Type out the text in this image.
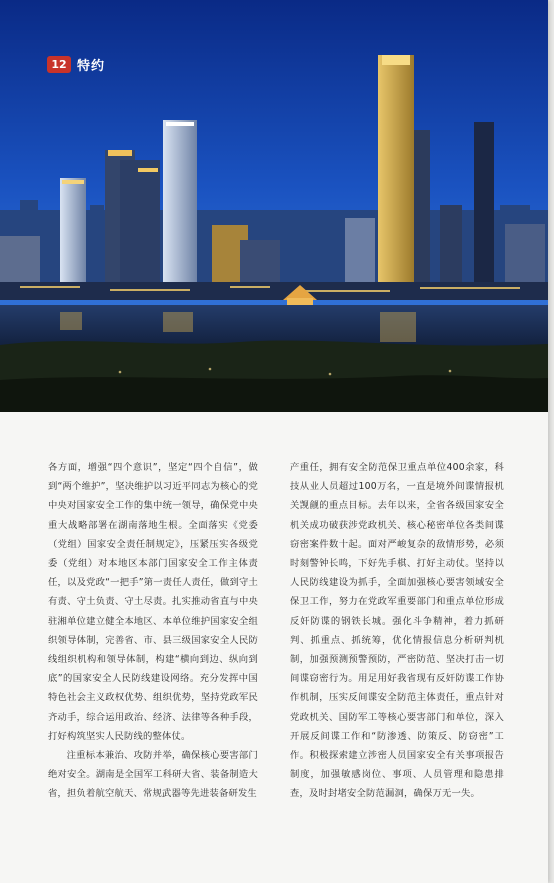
12 特约

各方面，增强“四个意识”，坚定“四个自信”，做到“两个维护”，坚决维护以习近平同志为核心的党中央对国家安全工作的集中统一领导，确保党中央重大战略部署在湖南落地生根。全面落实《党委（党组）国家安全责任制规定》，压紧压实各级党委（党组）对本地区本部门国家安全工作主体责任，以及党政“一把手”第一责任人责任，做到守土有责、守土负责、守土尽责。扎实推动省直与中央驻湘单位建立健全本地区、本单位维护国家安全组织领导体制，完善省、市、县三级国家安全人民防线组织机构和领导体制，构建“横向到边、纵向到底”的国家安全人民防线建设网络。充分发挥中国特色社会主义政权优势、组织优势，坚持党政军民齐动手，综合运用政治、经济、法律等各种手段，打好构筑坚实人民防线的整体仗。

注重标本兼治、攻防并举，确保核心要害部门绝对安全。湖南是全国军工科研大省、装备制造大省，担负着航空航天、常规武器等先进装备研发生

产重任，拥有安全防范保卫重点单位400余家，科技从业人员超过100万名，一直是境外间谍情报机关觊觎的重点目标。去年以来，全省各级国家安全机关成功破获涉党政机关、核心秘密单位各类间谍窃密案件数十起。面对严峻复杂的敌情形势，必须时刻警钟长鸣，下好先手棋、打好主动仗。坚持以人民防线建设为抓手，全面加强核心要害领域安全保卫工作，努力在党政军重要部门和重点单位形成反奸防谍的钢铁长城。强化斗争精神，着力抓研判、抓重点、抓统筹，优化情报信息分析研判机制，加强预测预警预防，严密防范、坚决打击一切间谍窃密行为。用足用好我省现有反奸防谍工作协作机制，压实反间谍安全防范主体责任，重点针对党政机关、国防军工等核心要害部门和单位，深入开展反间谍工作和“防渗透、防策反、防窃密”工作。积极探索建立涉密人员国家安全有关事项报告制度，加强敏感岗位、事项、人员管理和隐患排查，及时封堵安全防范漏洞，确保万无一失。
